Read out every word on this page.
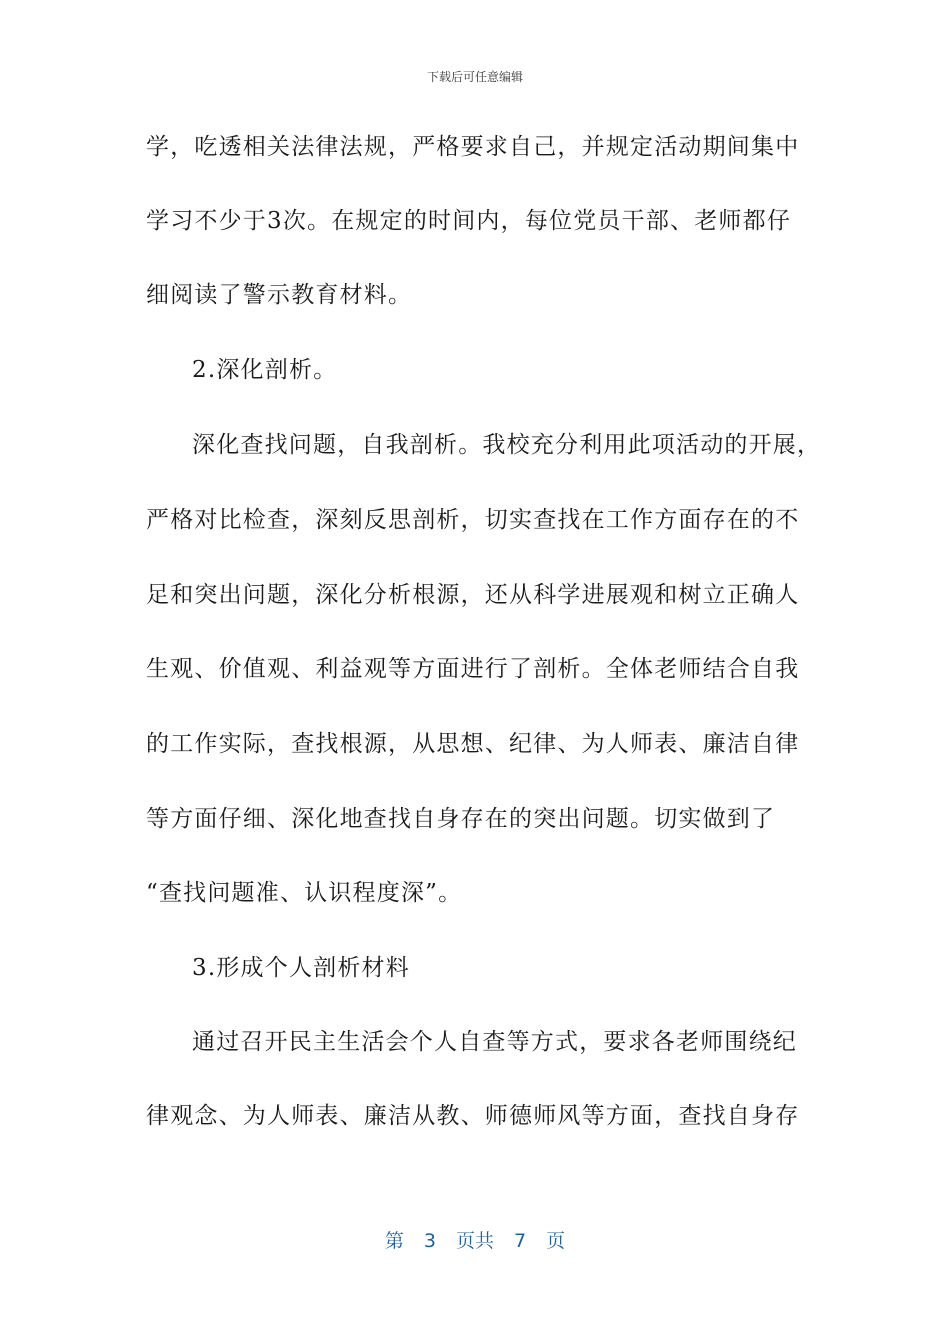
下载后可任意编辑
学，吃透相关法律法规，严格要求自己，并规定活动期间集中
学习不少于3次。在规定的时间内，每位党员干部、老师都仔
细阅读了警示教育材料。
2.深化剖析。
深化查找问题，自我剖析。我校充分利用此项活动的开展，
严格对比检查，深刻反思剖析，切实查找在工作方面存在的不
足和突出问题，深化分析根源，还从科学进展观和树立正确人
生观、价值观、利益观等方面进行了剖析。全体老师结合自我
的工作实际，查找根源，从思想、纪律、为人师表、廉洁自律
等方面仔细、深化地查找自身存在的突出问题。切实做到了
“查找问题准、认识程度深”。
3.形成个人剖析材料
通过召开民主生活会个人自查等方式，要求各老师围绕纪
律观念、为人师表、廉洁从教、师德师风等方面，查找自身存
第 3 页共 7 页
